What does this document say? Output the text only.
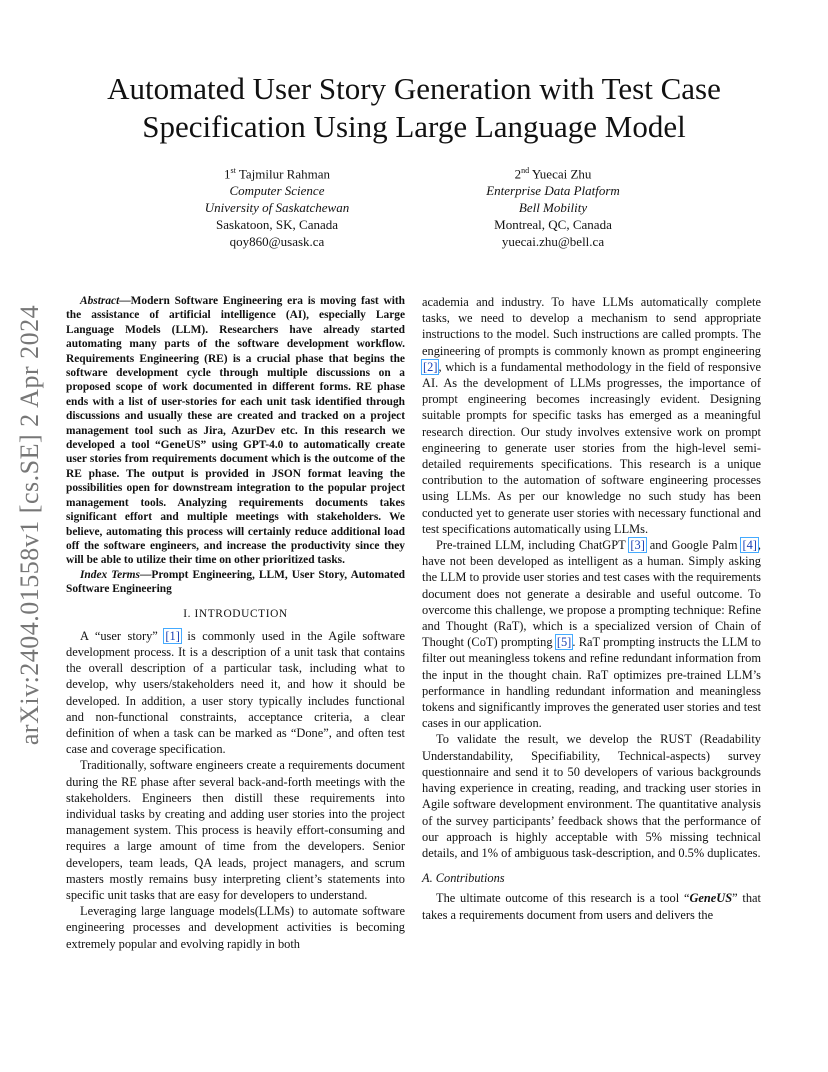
Automated User Story Generation with Test Case
Specification Using Large Language Model
1st Tajmilur Rahman
Computer Science
University of Saskatchewan
Saskatoon, SK, Canada
qoy860@usask.ca
2nd Yuecai Zhu
Enterprise Data Platform
Bell Mobility
Montreal, QC, Canada
yuecai.zhu@bell.ca
arXiv:2404.01558v1 [cs.SE] 2 Apr 2024

Abstract—Modern Software Engineering era is moving fast with the assistance of artificial intelligence (AI), especially Large Language Models (LLM). Researchers have already started automating many parts of the software development workflow. Requirements Engineering (RE) is a crucial phase that begins the software development cycle through multiple discussions on a proposed scope of work documented in different forms. RE phase ends with a list of user-stories for each unit task identified through discussions and usually these are created and tracked on a project management tool such as Jira, AzurDev etc. In this research we developed a tool “GeneUS” using GPT-4.0 to automatically create user stories from requirements document which is the outcome of the RE phase. The output is provided in JSON format leaving the possibilities open for downstream integration to the popular project management tools. Analyzing requirements documents takes significant effort and multiple meetings with stakeholders. We believe, automating this process will certainly reduce additional load off the software engineers, and increase the productivity since they will be able to utilize their time on other prioritized tasks.

Index Terms—Prompt Engineering, LLM, User Story, Automated Software Engineering

I. INTRODUCTION

A “user story” [1] is commonly used in the Agile software development process. It is a description of a unit task that contains the overall description of a particular task, including what to develop, why users/stakeholders need it, and how it should be developed. In addition, a user story typically includes functional and non-functional constraints, acceptance criteria, a clear definition of when a task can be marked as “Done”, and often test case and coverage specification.

Traditionally, software engineers create a requirements document during the RE phase after several back-and-forth meetings with the stakeholders. Engineers then distill these requirements into individual tasks by creating and adding user stories into the project management system. This process is heavily effort-consuming and requires a large amount of time from the developers. Senior developers, team leads, QA leads, project managers, and scrum masters mostly remains busy interpreting client’s statements into specific unit tasks that are easy for developers to understand.

Leveraging large language models(LLMs) to automate software engineering processes and development activities is becoming extremely popular and evolving rapidly in both

academia and industry. To have LLMs automatically complete tasks, we need to develop a mechanism to send appropriate instructions to the model. Such instructions are called prompts. The engineering of prompts is commonly known as prompt engineering [2], which is a fundamental methodology in the field of responsive AI. As the development of LLMs progresses, the importance of prompt engineering becomes increasingly evident. Designing suitable prompts for specific tasks has emerged as a meaningful research direction. Our study involves extensive work on prompt engineering to generate user stories from the high-level semi-detailed requirements specifications. This research is a unique contribution to the automation of software engineering processes using LLMs. As per our knowledge no such study has been conducted yet to generate user stories with necessary functional and test specifications automatically using LLMs.

Pre-trained LLM, including ChatGPT [3] and Google Palm [4], have not been developed as intelligent as a human. Simply asking the LLM to provide user stories and test cases with the requirements document does not generate a desirable and useful outcome. To overcome this challenge, we propose a prompting technique: Refine and Thought (RaT), which is a specialized version of Chain of Thought (CoT) prompting [5]. RaT prompting instructs the LLM to filter out meaningless tokens and refine redundant information from the input in the thought chain. RaT optimizes pre-trained LLM’s performance in handling redundant information and meaningless tokens and significantly improves the generated user stories and test cases in our application.

To validate the result, we develop the RUST (Readability Understandability, Specifiability, Technical-aspects) survey questionnaire and send it to 50 developers of various backgrounds having experience in creating, reading, and tracking user stories in Agile software development environment. The quantitative analysis of the survey participants’ feedback shows that the performance of our approach is highly acceptable with 5% missing technical details, and 1% of ambiguous task-description, and 0.5% duplicates.

A. Contributions

The ultimate outcome of this research is a tool “GeneUS” that takes a requirements document from users and delivers the
